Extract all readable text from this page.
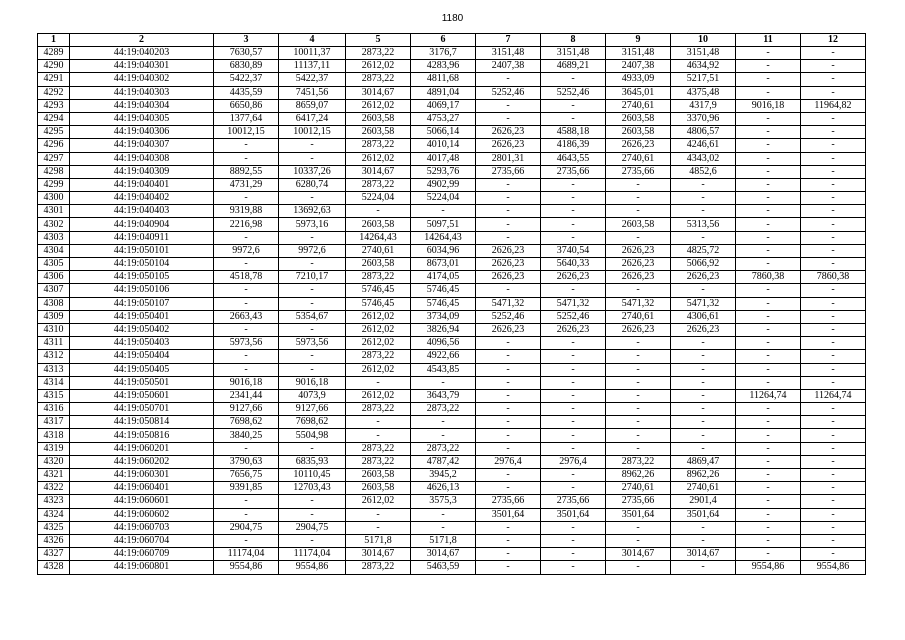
1180
1	2	3	4	5	6	7	8	9	10	11	12
4289	44:19:040203	7630,57	10011,37	2873,22	3176,7	3151,48	3151,48	3151,48	3151,48	-	-
4290	44:19:040301	6830,89	11137,11	2612,02	4283,96	2407,38	4689,21	2407,38	4634,92	-	-
4291	44:19:040302	5422,37	5422,37	2873,22	4811,68	-	-	4933,09	5217,51	-	-
4292	44:19:040303	4435,59	7451,56	3014,67	4891,04	5252,46	5252,46	3645,01	4375,48	-	-
4293	44:19:040304	6650,86	8659,07	2612,02	4069,17	-	-	2740,61	4317,9	9016,18	11964,82
4294	44:19:040305	1377,64	6417,24	2603,58	4753,27	-	-	2603,58	3370,96	-	-
4295	44:19:040306	10012,15	10012,15	2603,58	5066,14	2626,23	4588,18	2603,58	4806,57	-	-
4296	44:19:040307	-	-	2873,22	4010,14	2626,23	4186,39	2626,23	4246,61	-	-
4297	44:19:040308	-	-	2612,02	4017,48	2801,31	4643,55	2740,61	4343,02	-	-
4298	44:19:040309	8892,55	10337,26	3014,67	5293,76	2735,66	2735,66	2735,66	4852,6	-	-
4299	44:19:040401	4731,29	6280,74	2873,22	4902,99	-	-	-	-	-	-
4300	44:19:040402	-	-	5224,04	5224,04	-	-	-	-	-	-
4301	44:19:040403	9319,88	13692,63	-	-	-	-	-	-	-	-
4302	44:19:040904	2216,98	5973,16	2603,58	5097,51	-	-	2603,58	5313,56	-	-
4303	44:19:040911	-	-	14264,43	14264,43	-	-	-	-	-	-
4304	44:19:050101	9972,6	9972,6	2740,61	6034,96	2626,23	3740,54	2626,23	4825,72	-	-
4305	44:19:050104	-	-	2603,58	8673,01	2626,23	5640,33	2626,23	5066,92	-	-
4306	44:19:050105	4518,78	7210,17	2873,22	4174,05	2626,23	2626,23	2626,23	2626,23	7860,38	7860,38
4307	44:19:050106	-	-	5746,45	5746,45	-	-	-	-	-	-
4308	44:19:050107	-	-	5746,45	5746,45	5471,32	5471,32	5471,32	5471,32	-	-
4309	44:19:050401	2663,43	5354,67	2612,02	3734,09	5252,46	5252,46	2740,61	4306,61	-	-
4310	44:19:050402	-	-	2612,02	3826,94	2626,23	2626,23	2626,23	2626,23	-	-
4311	44:19:050403	5973,56	5973,56	2612,02	4096,56	-	-	-	-	-	-
4312	44:19:050404	-	-	2873,22	4922,66	-	-	-	-	-	-
4313	44:19:050405	-	-	2612,02	4543,85	-	-	-	-	-	-
4314	44:19:050501	9016,18	9016,18	-	-	-	-	-	-	-	-
4315	44:19:050601	2341,44	4073,9	2612,02	3643,79	-	-	-	-	11264,74	11264,74
4316	44:19:050701	9127,66	9127,66	2873,22	2873,22	-	-	-	-	-	-
4317	44:19:050814	7698,62	7698,62	-	-	-	-	-	-	-	-
4318	44:19:050816	3840,25	5504,98	-	-	-	-	-	-	-	-
4319	44:19:060201	-	-	2873,22	2873,22	-	-	-	-	-	-
4320	44:19:060202	3790,63	6835,93	2873,22	4787,42	2976,4	2976,4	2873,22	4869,47	-	-
4321	44:19:060301	7656,75	10110,45	2603,58	3945,2	-	-	8962,26	8962,26	-	-
4322	44:19:060401	9391,85	12703,43	2603,58	4626,13	-	-	2740,61	2740,61	-	-
4323	44:19:060601	-	-	2612,02	3575,3	2735,66	2735,66	2735,66	2901,4	-	-
4324	44:19:060602	-	-	-	-	3501,64	3501,64	3501,64	3501,64	-	-
4325	44:19:060703	2904,75	2904,75	-	-	-	-	-	-	-	-
4326	44:19:060704	-	-	5171,8	5171,8	-	-	-	-	-	-
4327	44:19:060709	11174,04	11174,04	3014,67	3014,67	-	-	3014,67	3014,67	-	-
4328	44:19:060801	9554,86	9554,86	2873,22	5463,59	-	-	-	-	9554,86	9554,86
